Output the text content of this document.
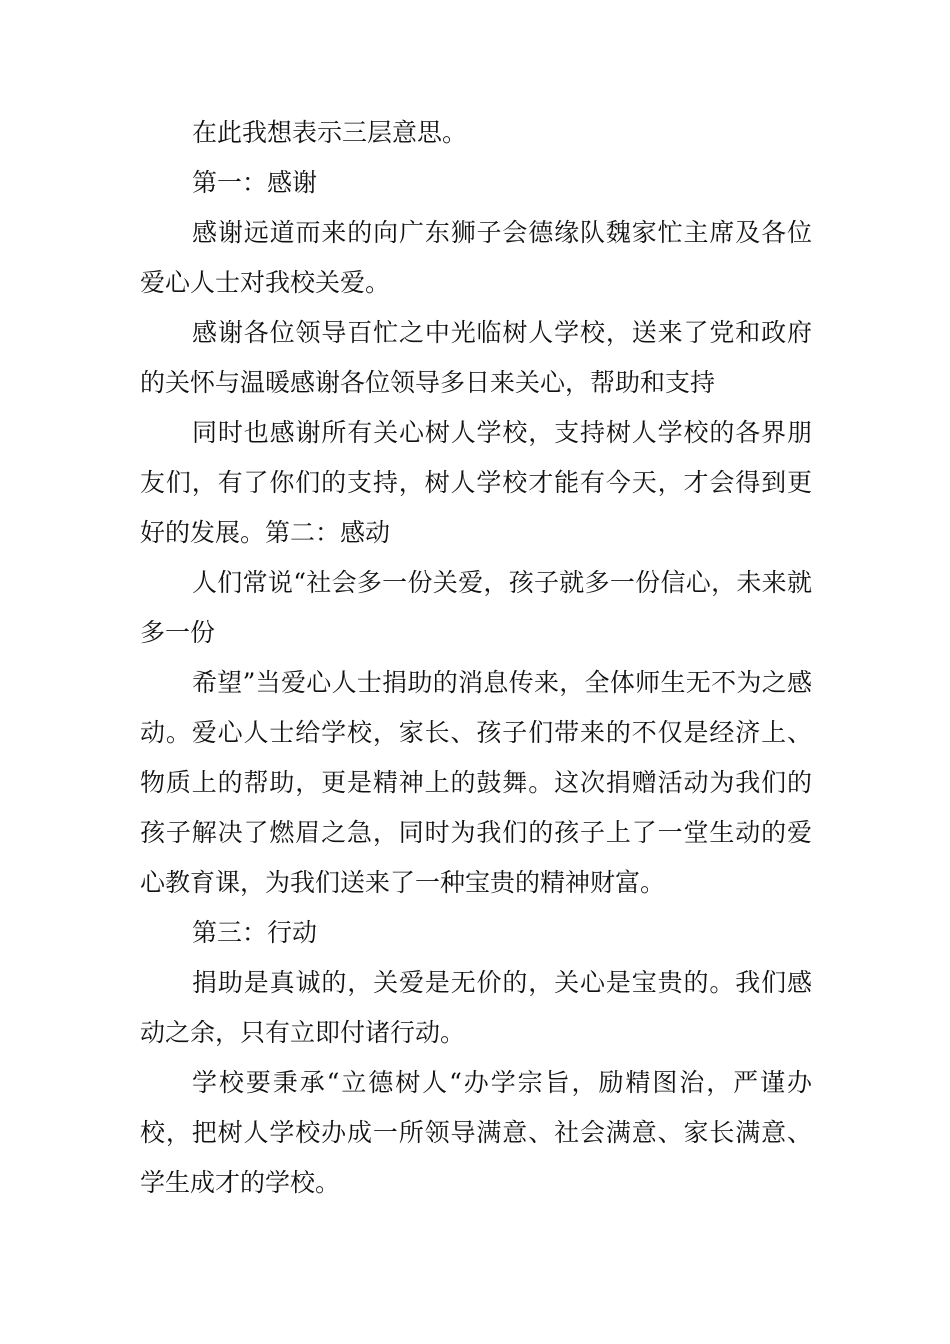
在此我想表示三层意思。

第一：感谢

感谢远道而来的向广东狮子会德缘队魏家忙主席及各位爱心人士对我校关爱。

感谢各位领导百忙之中光临树人学校，送来了党和政府的关怀与温暖感谢各位领导多日来关心，帮助和支持

同时也感谢所有关心树人学校，支持树人学校的各界朋友们，有了你们的支持，树人学校才能有今天，才会得到更好的发展。第二：感动

人们常说“社会多一份关爱，孩子就多一份信心，未来就多一份

希望”当爱心人士捐助的消息传来，全体师生无不为之感动。爱心人士给学校，家长、孩子们带来的不仅是经济上、物质上的帮助，更是精神上的鼓舞。这次捐赠活动为我们的孩子解决了燃眉之急，同时为我们的孩子上了一堂生动的爱心教育课，为我们送来了一种宝贵的精神财富。

第三：行动

捐助是真诚的，关爱是无价的，关心是宝贵的。我们感动之余，只有立即付诸行动。

学校要秉承“立德树人“办学宗旨，励精图治，严谨办校，把树人学校办成一所领导满意、社会满意、家长满意、学生成才的学校。
